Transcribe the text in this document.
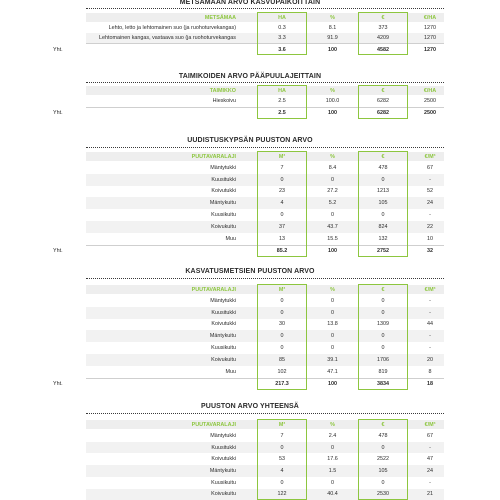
METSÄMAAN ARVO KASVUPAIKOITTAIN
METSÄMAA	HA	%	€	€/HA
Lehto, letto ja lehtomainen suo (ja ruohoturvekangas)	0.3	8.1	373	1270
Lehtomainen kangas, vastaava suo (ja ruohoturvekangas	3.3	91.9	4209	1270
Yht.	3.6	100	4582	1270
TAIMIKOIDEN ARVO PÄÄPUULAJEITTAIN
TAIMIKKO	HA	%	€	€/HA
Hieskoivu	2.5	100.0	6282	2500
Yht.	2.5	100	6282	2500
UUDISTUSKYPSÄN PUUSTON ARVO
PUUTAVARALAJI	M³	%	€	€/M³
Mäntytukki	7	8.4	478	67
Kuusitukki	0	0	0	-
Koivutukki	23	27.2	1213	52
Mäntykuitu	4	5.2	105	24
Kuusikuitu	0	0	0	-
Koivukuitu	37	43.7	824	22
Muu	13	15.5	132	10
Yht.	85.2	100	2752	32
KASVATUSMETSIEN PUUSTON ARVO
PUUTAVARALAJI	M³	%	€	€/M³
Mäntytukki	0	0	0	-
Kuusitukki	0	0	0	-
Koivutukki	30	13.8	1309	44
Mäntykuitu	0	0	0	-
Kuusikuitu	0	0	0	-
Koivukuitu	85	39.1	1706	20
Muu	102	47.1	819	8
Yht.	217.3	100	3834	18
PUUSTON ARVO YHTEENSÄ
PUUTAVARALAJI	M³	%	€	€/M³
Mäntytukki	7	2.4	478	67
Kuusitukki	0	0	0	-
Koivutukki	53	17.6	2522	47
Mäntykuitu	4	1.5	105	24
Kuusikuitu	0	0	0	-
Koivukuitu	122	40.4	2530	21
